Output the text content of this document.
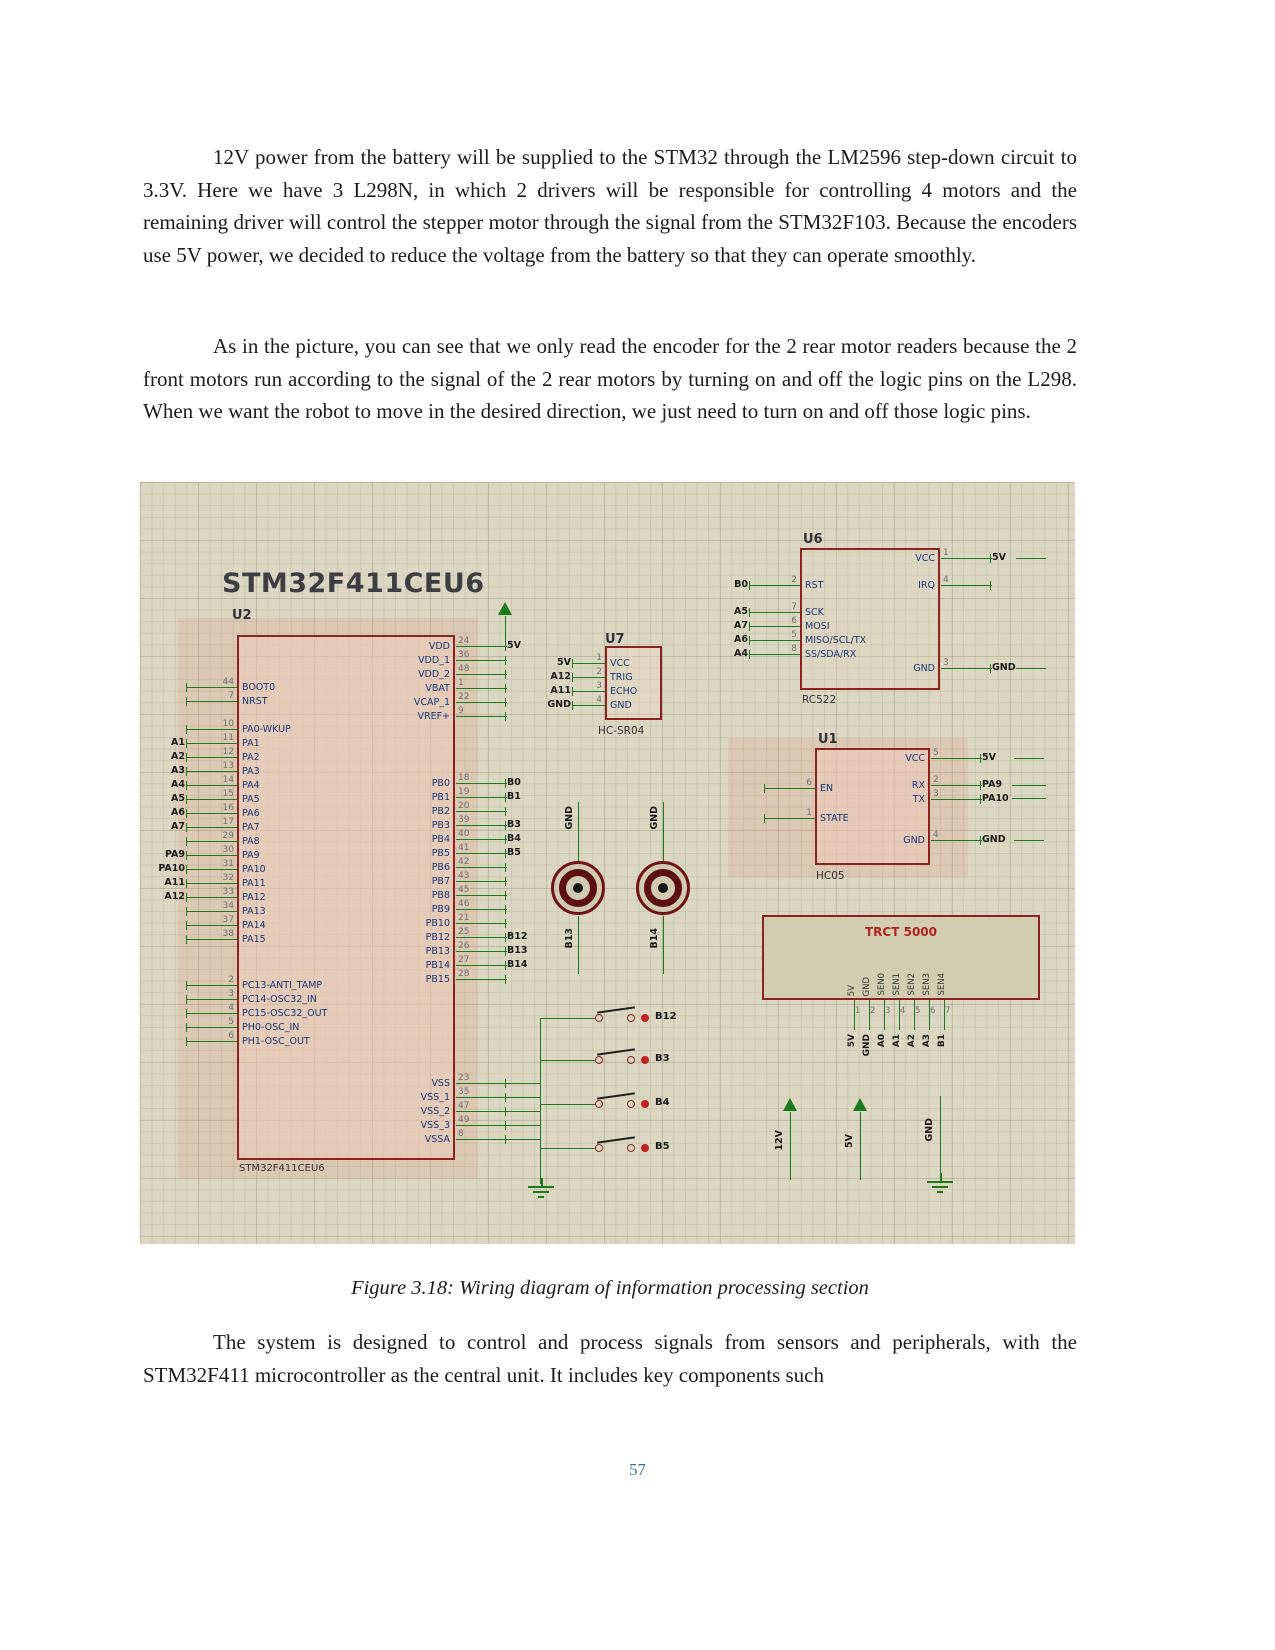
12V power from the battery will be supplied to the STM32 through the LM2596 step-down circuit to 3.3V. Here we have 3 L298N, in which 2 drivers will be responsible for controlling 4 motors and the remaining driver will control the stepper motor through the signal from the STM32F103. Because the encoders use 5V power, we decided to reduce the voltage from the battery so that they can operate smoothly.

As in the picture, you can see that we only read the encoder for the 2 rear motor readers because the 2 front motors run according to the signal of the 2 rear motors by turning on and off the logic pins on the L298. When we want the robot to move in the desired direction, we just need to turn on and off those logic pins.

STM32F411CEU6
U2
STM32F411CEU6
44 BOOT0
7 NRST
10 PA0-WKUP
A1	11 PA1
A2	12 PA2
A3	13 PA3
A4	14 PA4
A5	15 PA5
A6	16 PA6
A7	17 PA7
29 PA8
PA9	30 PA9
PA10	31 PA10
A11	32 PA11
A12	33 PA12
34 PA13
37 PA14
38 PA15
2 PC13-ANTI_TAMP
3 PC14-OSC32_IN
4 PC15-OSC32_OUT
5 PH0-OSC_IN
6 PH1-OSC_OUT
VDD 24	5V
VDD_1 36
VDD_2 48
VBAT 1
VCAP_1 22
VREF+ 9
PB0 18	B0
PB1 19	B1
PB2 20
PB3 39	B3
PB4 40	B4
PB5 41	B5
PB6 42
PB7 43
PB8 45
PB9 46
PB10 21
PB12 25	B12
PB13 26	B13
PB14 27	B14
PB15 28
VSS 23
VSS_1 35
VSS_2 47
VSS_3 49
VSSA 8
U7
5V	1 VCC
A12	2 TRIG
A11	3 ECHO
GND	4 GND
HC-SR04
U6
B0	2 RST
A5	7 SCK
A7	6 MOSI
A6	5 MISO/SCL/TX
A4	8 SS/SDA/RX
VCC 1	5V
IRQ 4
GND 3	GND
RC522
U1
6 EN
1 STATE
VCC 5	5V
RX 2	PA9
TX 3	PA10
GND 4	GND
HC05
TRCT 5000
5V GND SEN0 SEN1 SEN2 SEN3 SEN4
1	2	3	4	5	6	7
5V GND A0 A1 A2 A3 B1
GND	GND
B13	B14
B12
B3
B4
B5	12V	5V	GND

Figure 3.18: Wiring diagram of information processing section

The system is designed to control and process signals from sensors and peripherals, with the STM32F411 microcontroller as the central unit. It includes key components such

57
